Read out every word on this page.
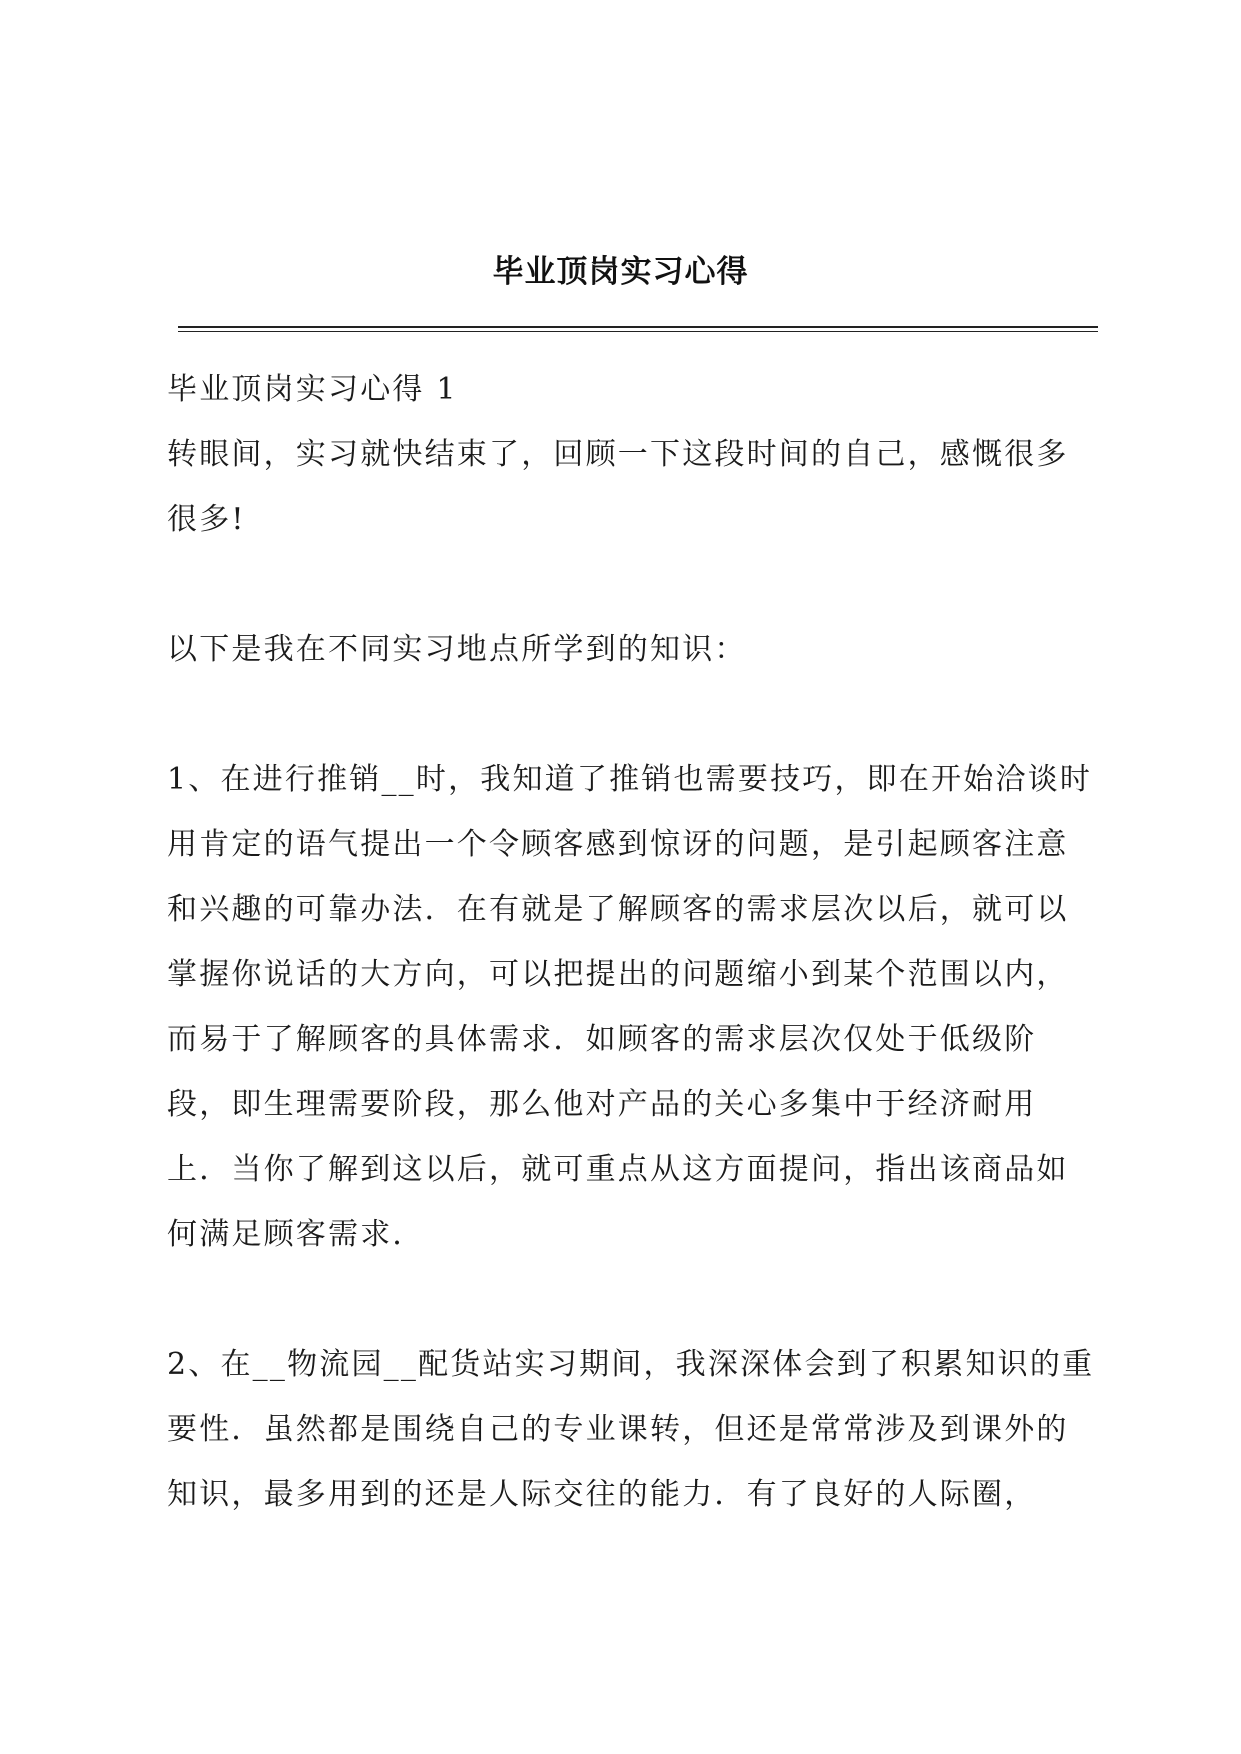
毕业顶岗实习心得

毕业顶岗实习心得 1

转眼间，实习就快结束了，回顾一下这段时间的自己，感慨很多很多!

以下是我在不同实习地点所学到的知识：

1、在进行推销__时，我知道了推销也需要技巧，即在开始洽谈时用肯定的语气提出一个令顾客感到惊讶的问题，是引起顾客注意和兴趣的可靠办法．在有就是了解顾客的需求层次以后，就可以掌握你说话的大方向，可以把提出的问题缩小到某个范围以内，而易于了解顾客的具体需求．如顾客的需求层次仅处于低级阶段，即生理需要阶段，那么他对产品的关心多集中于经济耐用上．当你了解到这以后，就可重点从这方面提问，指出该商品如何满足顾客需求．

2、在__物流园__配货站实习期间，我深深体会到了积累知识的重要性．虽然都是围绕自己的专业课转，但还是常常涉及到课外的知识，最多用到的还是人际交往的能力．有了良好的人际圈，
